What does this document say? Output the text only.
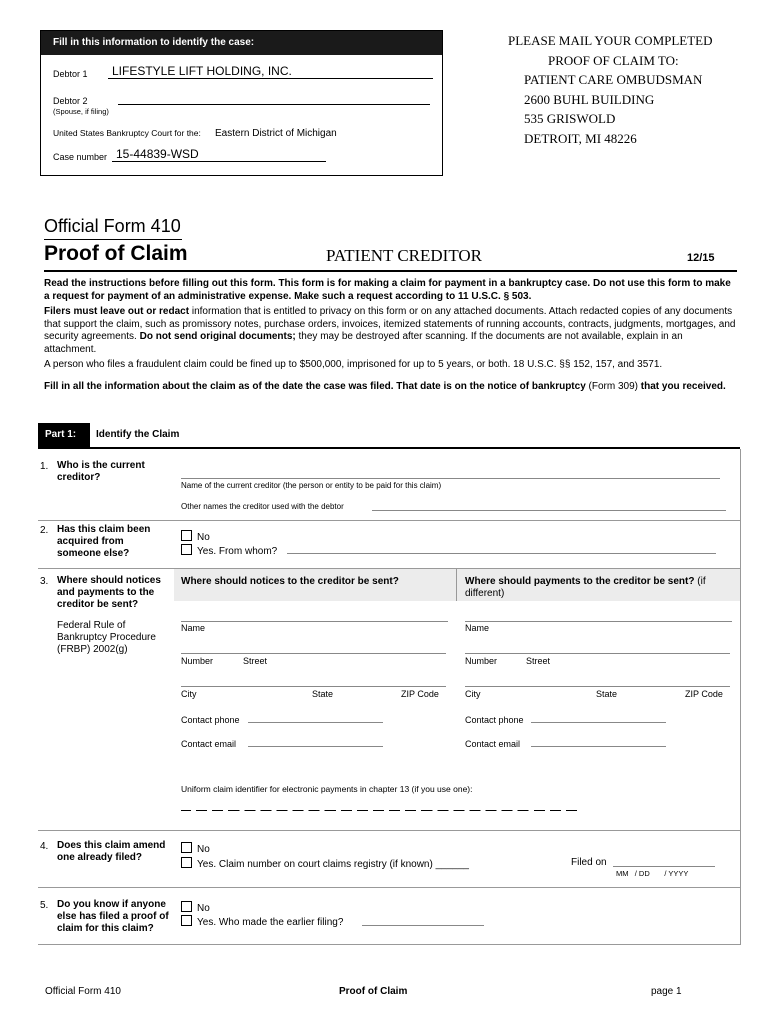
Fill in this information to identify the case:
Debtor 1 LIFESTYLE LIFT HOLDING, INC.
Debtor 2
(Spouse, if filing)
United States Bankruptcy Court for the: Eastern District of Michigan
Case number 15-44839-WSD
PLEASE MAIL YOUR COMPLETED
PROOF OF CLAIM TO:
PATIENT CARE OMBUDSMAN
2600 BUHL BUILDING
535 GRISWOLD
DETROIT, MI 48226
Official Form 410
Proof of Claim	PATIENT CREDITOR	12/15
Read the instructions before filling out this form. This form is for making a claim for payment in a bankruptcy case. Do not use this form to make a request for payment of an administrative expense. Make such a request according to 11 U.S.C. § 503.
Filers must leave out or redact information that is entitled to privacy on this form or on any attached documents. Attach redacted copies of any documents that support the claim, such as promissory notes, purchase orders, invoices, itemized statements of running accounts, contracts, judgments, mortgages, and security agreements. Do not send original documents; they may be destroyed after scanning. If the documents are not available, explain in an attachment.
A person who files a fraudulent claim could be fined up to $500,000, imprisoned for up to 5 years, or both. 18 U.S.C. §§ 152, 157, and 3571.
Fill in all the information about the claim as of the date the case was filed. That date is on the notice of bankruptcy (Form 309) that you received.
Part 1:	Identify the Claim
1. Who is the current creditor?
Name of the current creditor (the person or entity to be paid for this claim)
Other names the creditor used with the debtor
2. Has this claim been acquired from someone else?
No
Yes. From whom?
3. Where should notices and payments to the creditor be sent?
Federal Rule of Bankruptcy Procedure (FRBP) 2002(g)
Where should notices to the creditor be sent?	Where should payments to the creditor be sent? (if different)
Name
Number	Street
City	State	ZIP Code
Contact phone
Contact email
Name
Number	Street
City	State	ZIP Code
Contact phone
Contact email
Uniform claim identifier for electronic payments in chapter 13 (if you use one):
4. Does this claim amend one already filed?
No
Yes. Claim number on court claims registry (if known) ______	Filed on
MM   / DD       / YYYY
5. Do you know if anyone else has filed a proof of claim for this claim?
No
Yes. Who made the earlier filing?
Official Form 410	Proof of Claim	page 1
